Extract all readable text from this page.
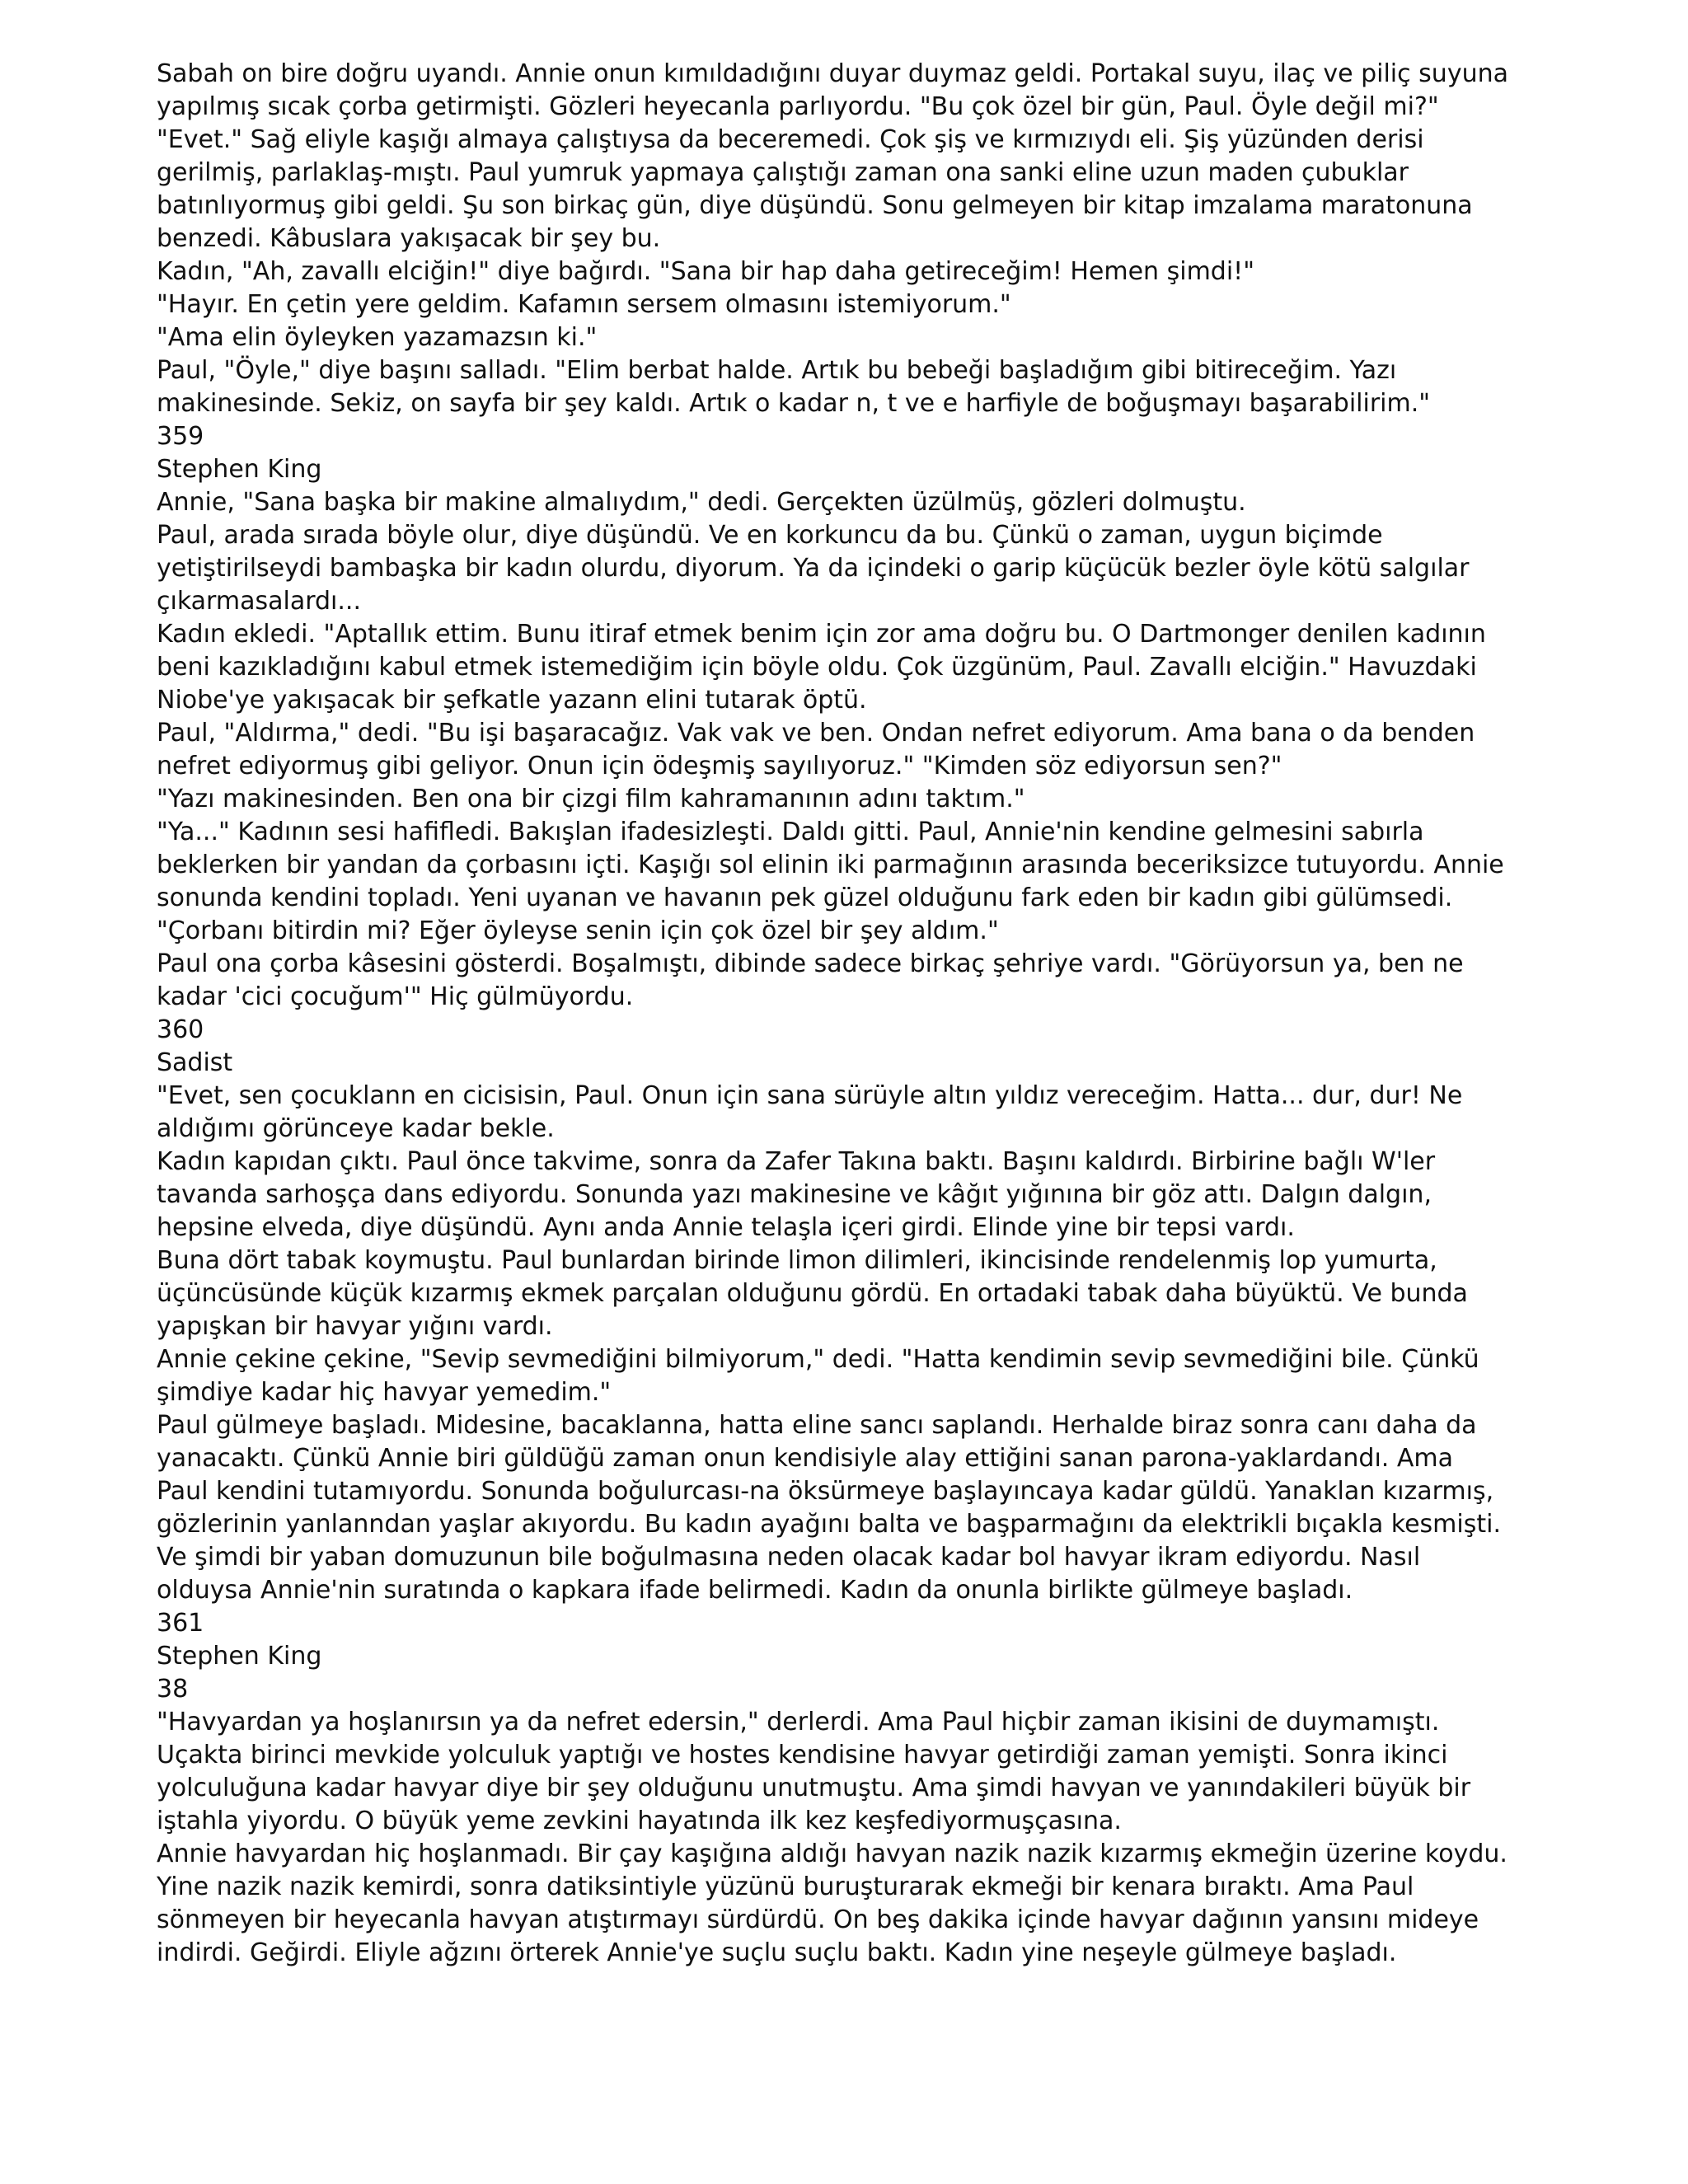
Sabah on bire doğru uyandı. Annie onun kımıldadığını duyar duymaz geldi. Portakal suyu, ilaç ve piliç suyuna yapılmış sıcak çorba getirmişti. Gözleri heyecanla parlıyordu. "Bu çok özel bir gün, Paul. Öyle değil mi?"

"Evet." Sağ eliyle kaşığı almaya çalıştıysa da beceremedi. Çok şiş ve kırmızıydı eli. Şiş yüzünden derisi gerilmiş, parlaklaş-mıştı. Paul yumruk yapmaya çalıştığı zaman ona sanki eline uzun maden çubuklar batınlıyormuş gibi geldi. Şu son birkaç gün, diye düşündü. Sonu gelmeyen bir kitap imzalama maratonuna benzedi. Kâbuslara yakışacak bir şey bu.

Kadın, "Ah, zavallı elciğin!" diye bağırdı. "Sana bir hap daha getireceğim! Hemen şimdi!"

"Hayır. En çetin yere geldim. Kafamın sersem olmasını istemiyorum."

"Ama elin öyleyken yazamazsın ki."

Paul, "Öyle," diye başını salladı. "Elim berbat halde. Artık bu bebeği başladığım gibi bitireceğim. Yazı makinesinde. Sekiz, on sayfa bir şey kaldı. Artık o kadar n, t ve e harfiyle de boğuşmayı başarabilirim."

359

Stephen King

Annie, "Sana başka bir makine almalıydım," dedi. Gerçekten üzülmüş, gözleri dolmuştu.

Paul, arada sırada böyle olur, diye düşündü. Ve en korkuncu da bu. Çünkü o zaman, uygun biçimde yetiştirilseydi bambaşka bir kadın olurdu, diyorum. Ya da içindeki o garip küçücük bezler öyle kötü salgılar çıkarmasalardı...

Kadın ekledi. "Aptallık ettim. Bunu itiraf etmek benim için zor ama doğru bu. O Dartmonger denilen kadının beni kazıkladığını kabul etmek istemediğim için böyle oldu. Çok üzgünüm, Paul. Zavallı elciğin." Havuzdaki Niobe'ye yakışacak bir şefkatle yazann elini tutarak öptü.

Paul, "Aldırma," dedi. "Bu işi başaracağız. Vak vak ve ben. Ondan nefret ediyorum. Ama bana o da benden nefret ediyormuş gibi geliyor. Onun için ödeşmiş sayılıyoruz." "Kimden söz ediyorsun sen?"

"Yazı makinesinden. Ben ona bir çizgi film kahramanının adını taktım."

"Ya..." Kadının sesi hafifledi. Bakışlan ifadesizleşti. Daldı gitti. Paul, Annie'nin kendine gelmesini sabırla beklerken bir yandan da çorbasını içti. Kaşığı sol elinin iki parmağının arasında beceriksizce tutuyordu. Annie sonunda kendini topladı. Yeni uyanan ve havanın pek güzel olduğunu fark eden bir kadın gibi gülümsedi. "Çorbanı bitirdin mi? Eğer öyleyse senin için çok özel bir şey aldım."

Paul ona çorba kâsesini gösterdi. Boşalmıştı, dibinde sadece birkaç şehriye vardı. "Görüyorsun ya, ben ne kadar 'cici çocuğum'" Hiç gülmüyordu.

360

Sadist

"Evet, sen çocuklann en cicisisin, Paul. Onun için sana sürüyle altın yıldız vereceğim. Hatta... dur, dur! Ne aldığımı görünceye kadar bekle.

Kadın kapıdan çıktı. Paul önce takvime, sonra da Zafer Takına baktı. Başını kaldırdı. Birbirine bağlı W'ler tavanda sarhoşça dans ediyordu. Sonunda yazı makinesine ve kâğıt yığınına bir göz attı. Dalgın dalgın, hepsine elveda, diye düşündü. Aynı anda Annie telaşla içeri girdi. Elinde yine bir tepsi vardı.

Buna dört tabak koymuştu. Paul bunlardan birinde limon dilimleri, ikincisinde rendelenmiş lop yumurta, üçüncüsünde küçük kızarmış ekmek parçalan olduğunu gördü. En ortadaki tabak daha büyüktü. Ve bunda yapışkan bir havyar yığını vardı.

Annie çekine çekine, "Sevip sevmediğini bilmiyorum," dedi. "Hatta kendimin sevip sevmediğini bile. Çünkü şimdiye kadar hiç havyar yemedim."

Paul gülmeye başladı. Midesine, bacaklanna, hatta eline sancı saplandı. Herhalde biraz sonra canı daha da yanacaktı. Çünkü Annie biri güldüğü zaman onun kendisiyle alay ettiğini sanan parona-yaklardandı. Ama Paul kendini tutamıyordu. Sonunda boğulurcası-na öksürmeye başlayıncaya kadar güldü. Yanaklan kızarmış, gözlerinin yanlanndan yaşlar akıyordu. Bu kadın ayağını balta ve başparmağını da elektrikli bıçakla kesmişti. Ve şimdi bir yaban domuzunun bile boğulmasına neden olacak kadar bol havyar ikram ediyordu. Nasıl olduysa Annie'nin suratında o kapkara ifade belirmedi. Kadın da onunla birlikte gülmeye başladı.

361

Stephen King

38

"Havyardan ya hoşlanırsın ya da nefret edersin," derlerdi. Ama Paul hiçbir zaman ikisini de duymamıştı. Uçakta birinci mevkide yolculuk yaptığı ve hostes kendisine havyar getirdiği zaman yemişti. Sonra ikinci yolculuğuna kadar havyar diye bir şey olduğunu unutmuştu. Ama şimdi havyan ve yanındakileri büyük bir iştahla yiyordu. O büyük yeme zevkini hayatında ilk kez keşfediyormuşçasına.

Annie havyardan hiç hoşlanmadı. Bir çay kaşığına aldığı havyan nazik nazik kızarmış ekmeğin üzerine koydu. Yine nazik nazik kemirdi, sonra datiksintiyle yüzünü buruşturarak ekmeği bir kenara bıraktı. Ama Paul sönmeyen bir heyecanla havyan atıştırmayı sürdürdü. On beş dakika içinde havyar dağının yansını mideye indirdi. Geğirdi. Eliyle ağzını örterek Annie'ye suçlu suçlu baktı. Kadın yine neşeyle gülmeye başladı.
